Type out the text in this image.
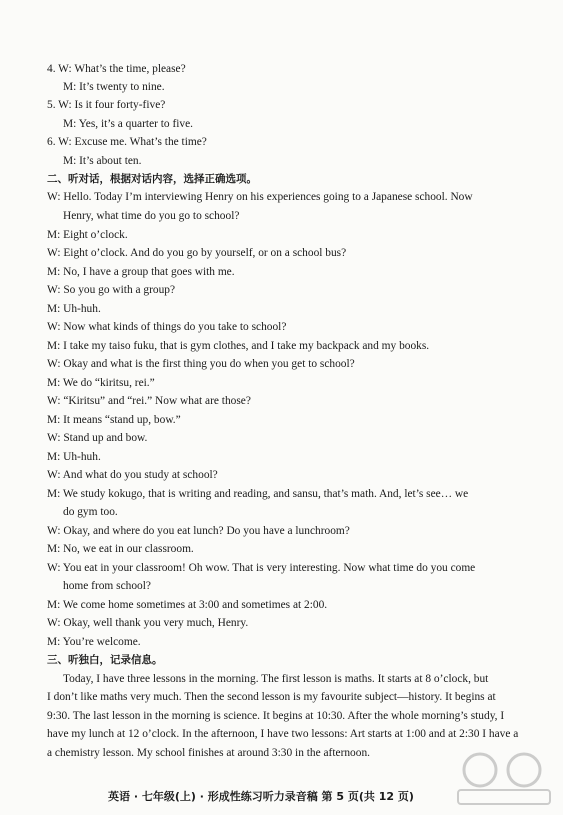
4. W: What’s the time, please?
M: It’s twenty to nine.
5. W: Is it four forty-five?
M: Yes, it’s a quarter to five.
6. W: Excuse me. What’s the time?
M: It’s about ten.
二、听对话，根据对话内容，选择正确选项。
W: Hello. Today I’m interviewing Henry on his experiences going to a Japanese school. Now
Henry, what time do you go to school?
M: Eight o’clock.
W: Eight o’clock. And do you go by yourself, or on a school bus?
M: No, I have a group that goes with me.
W: So you go with a group?
M: Uh-huh.
W: Now what kinds of things do you take to school?
M: I take my taiso fuku, that is gym clothes, and I take my backpack and my books.
W: Okay and what is the first thing you do when you get to school?
M: We do “kiritsu, rei.”
W: “Kiritsu” and “rei.” Now what are those?
M: It means “stand up, bow.”
W: Stand up and bow.
M: Uh-huh.
W: And what do you study at school?
M: We study kokugo, that is writing and reading, and sansu, that’s math. And, let’s see… we
do gym too.
W: Okay, and where do you eat lunch? Do you have a lunchroom?
M: No, we eat in our classroom.
W: You eat in your classroom! Oh wow. That is very interesting. Now what time do you come
home from school?
M: We come home sometimes at 3:00 and sometimes at 2:00.
W: Okay, well thank you very much, Henry.
M: You’re welcome.
三、听独白，记录信息。
Today, I have three lessons in the morning. The first lesson is maths. It starts at 8 o’clock, but
I don’t like maths very much. Then the second lesson is my favourite subject—history. It begins at
9:30. The last lesson in the morning is science. It begins at 10:30. After the whole morning’s study, I
have my lunch at 12 o’clock. In the afternoon, I have two lessons: Art starts at 1:00 and at 2:30 I have a
a chemistry lesson. My school finishes at around 3:30 in the afternoon.
英语 · 七年级(上) · 形成性练习听力录音稿 第 5 页(共 12 页)
